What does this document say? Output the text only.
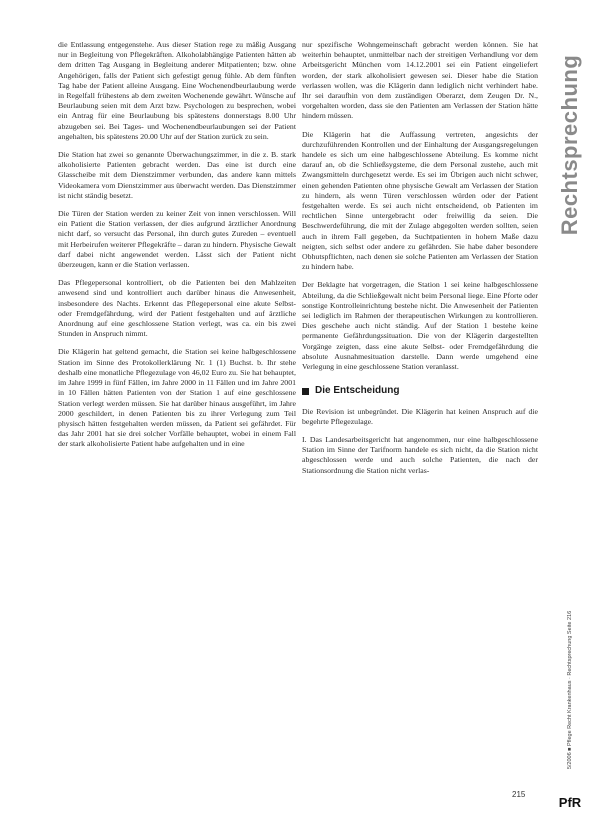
die Entlassung entgegenstehe. Aus dieser Station rege zu mäßig Ausgang nur in Begleitung von Pflegekräften. Alkoholabhängige Patienten hätten ab dem dritten Tag Ausgang in Begleitung anderer Mitpatienten; bzw. ohne Angehörigen, falls der Patient sich gefestigt genug fühle. Ab dem fünften Tag habe der Patient alleine Ausgang. Eine Wochenendbeurlaubung werde in Regelfall frühestens ab dem zweiten Wochenende gewährt. Wünsche auf Beurlaubung seien mit dem Arzt bzw. Psychologen zu besprechen, wobei ein Antrag für eine Beurlaubung bis spätestens donnerstags 8.00 Uhr abzugeben sei. Bei Tages- und Wochenendbeurlaubungen sei der Patient angehalten, bis spätestens 20.00 Uhr auf der Station zurück zu sein.

Die Station hat zwei so genannte Überwachungszimmer, in die z. B. stark alkoholisierte Patienten gebracht werden. Das eine ist durch eine Glasscheibe mit dem Dienstzimmer verbunden, das andere kann mittels Videokamera vom Dienstzimmer aus überwacht werden. Das Dienstzimmer ist nicht ständig besetzt.

Die Türen der Station werden zu keiner Zeit von innen verschlossen. Will ein Patient die Station verlassen, der dies aufgrund ärztlicher Anordnung nicht darf, so versucht das Personal, ihn durch gutes Zureden – eventuell mit Herbeirufen weiterer Pflegekräfte – daran zu hindern. Physische Gewalt darf dabei nicht angewendet werden. Lässt sich der Patient nicht überzeugen, kann er die Station verlassen.

Das Pflegepersonal kontrolliert, ob die Patienten bei den Mahlzeiten anwesend sind und kontrolliert auch darüber hinaus die Anwesenheit, insbesondere des Nachts. Erkennt das Pflegepersonal eine akute Selbst- oder Fremdgefährdung, wird der Patient festgehalten und auf ärztliche Anordnung auf eine geschlossene Station verlegt, was ca. ein bis zwei Stunden in Anspruch nimmt.

Die Klägerin hat geltend gemacht, die Station sei keine halbgeschlossene Station im Sinne des Protokollerklärung Nr. 1 (1) Buchst. b. Ihr stehe deshalb eine monatliche Pflegezulage von 46,02 Euro zu. Sie hat behauptet, im Jahre 1999 in fünf Fällen, im Jahre 2000 in 11 Fällen und im Jahre 2001 in 10 Fällen hätten Patienten von der Station 1 auf eine geschlossene Station verlegt werden müssen. Sie hat darüber hinaus ausgeführt, im Jahre 2000 geschildert, in denen Patienten bis zu ihrer Verlegung zum Teil physisch hätten festgehalten werden müssen, da Patient sei gefährdet. Für das Jahr 2001 hat sie drei solcher Vorfälle behauptet, wobei in einem Fall der stark alkoholisierte Patient habe aufgehalten und in eine

nur spezifische Wohngemeinschaft gebracht werden können. Sie hat weiterhin behauptet, unmittelbar nach der streitigen Verhandlung vor dem Arbeitsgericht München vom 14.12.2001 sei ein Patient eingeliefert worden, der stark alkoholisiert gewesen sei. Dieser habe die Station verlassen wollen, was die Klägerin dann lediglich nicht verhindert habe. Ihr sei daraufhin von dem zuständigen Oberarzt, dem Zeugen Dr. N., vorgehalten worden, dass sie den Patienten am Verlassen der Station hätte hindern müssen.

Die Klägerin hat die Auffassung vertreten, angesichts der durchzuführenden Kontrollen und der Einhaltung der Ausgangsregelungen handele es sich um eine halbgeschlossene Abteilung. Es komme nicht darauf an, ob die Schließsygsteme, die dem Personal zustehe, auch mit Zwangsmitteln durchgesetzt werde. Es sei im Übrigen auch nicht schwer, einen gehenden Patienten ohne physische Gewalt am Verlassen der Station zu hindern, als wenn Türen verschlossen würden oder der Patient festgehalten werde. Es sei auch nicht entscheidend, ob Patienten im rechtlichen Sinne untergebracht oder freiwillig da seien. Die Beschwerdeführung, die mit der Zulage abgegolten werden sollten, seien auch in ihrem Fall gegeben, da Suchtpatienten in hohem Maße dazu neigten, sich selbst oder andere zu gefährden. Sie habe daher besondere Obhutspflichten, nach denen sie solche Patienten am Verlassen der Station zu hindern habe.

Der Beklagte hat vorgetragen, die Station 1 sei keine halbgeschlossene Abteilung, da die Schließgewalt nicht beim Personal liege. Eine Pforte oder sonstige Kontrolleinrichtung bestehe nicht. Die Anwesenheit der Patienten sei lediglich im Rahmen der therapeutischen Wirkungen zu kontrollieren. Dies geschehe auch nicht ständig. Auf der Station 1 bestehe keine permanente Gefährdungssituation. Die von der Klägerin dargestellten Vorgänge zeigten, dass eine akute Selbst- oder Fremdgefährdung die absolute Ausnahmesituation darstelle. Dann werde umgehend eine Verlegung in eine geschlossene Station veranlasst.

Die Entscheidung

Die Revision ist unbegründet. Die Klägerin hat keinen Anspruch auf die begehrte Pflegezulage.

I. Das Landesarbeitsgericht hat angenommen, nur eine halbgeschlossene Station im Sinne der Tarifnorm handele es sich nicht, da die Station nicht abgeschlossen werde und auch solche Patienten, die nach der Stationsordnung die Station nicht verlas-

Rechtsprechung
5/2006 ■ Pflege Recht Krankenhaus · Rechtsprechung Seite 216
PfR
215
